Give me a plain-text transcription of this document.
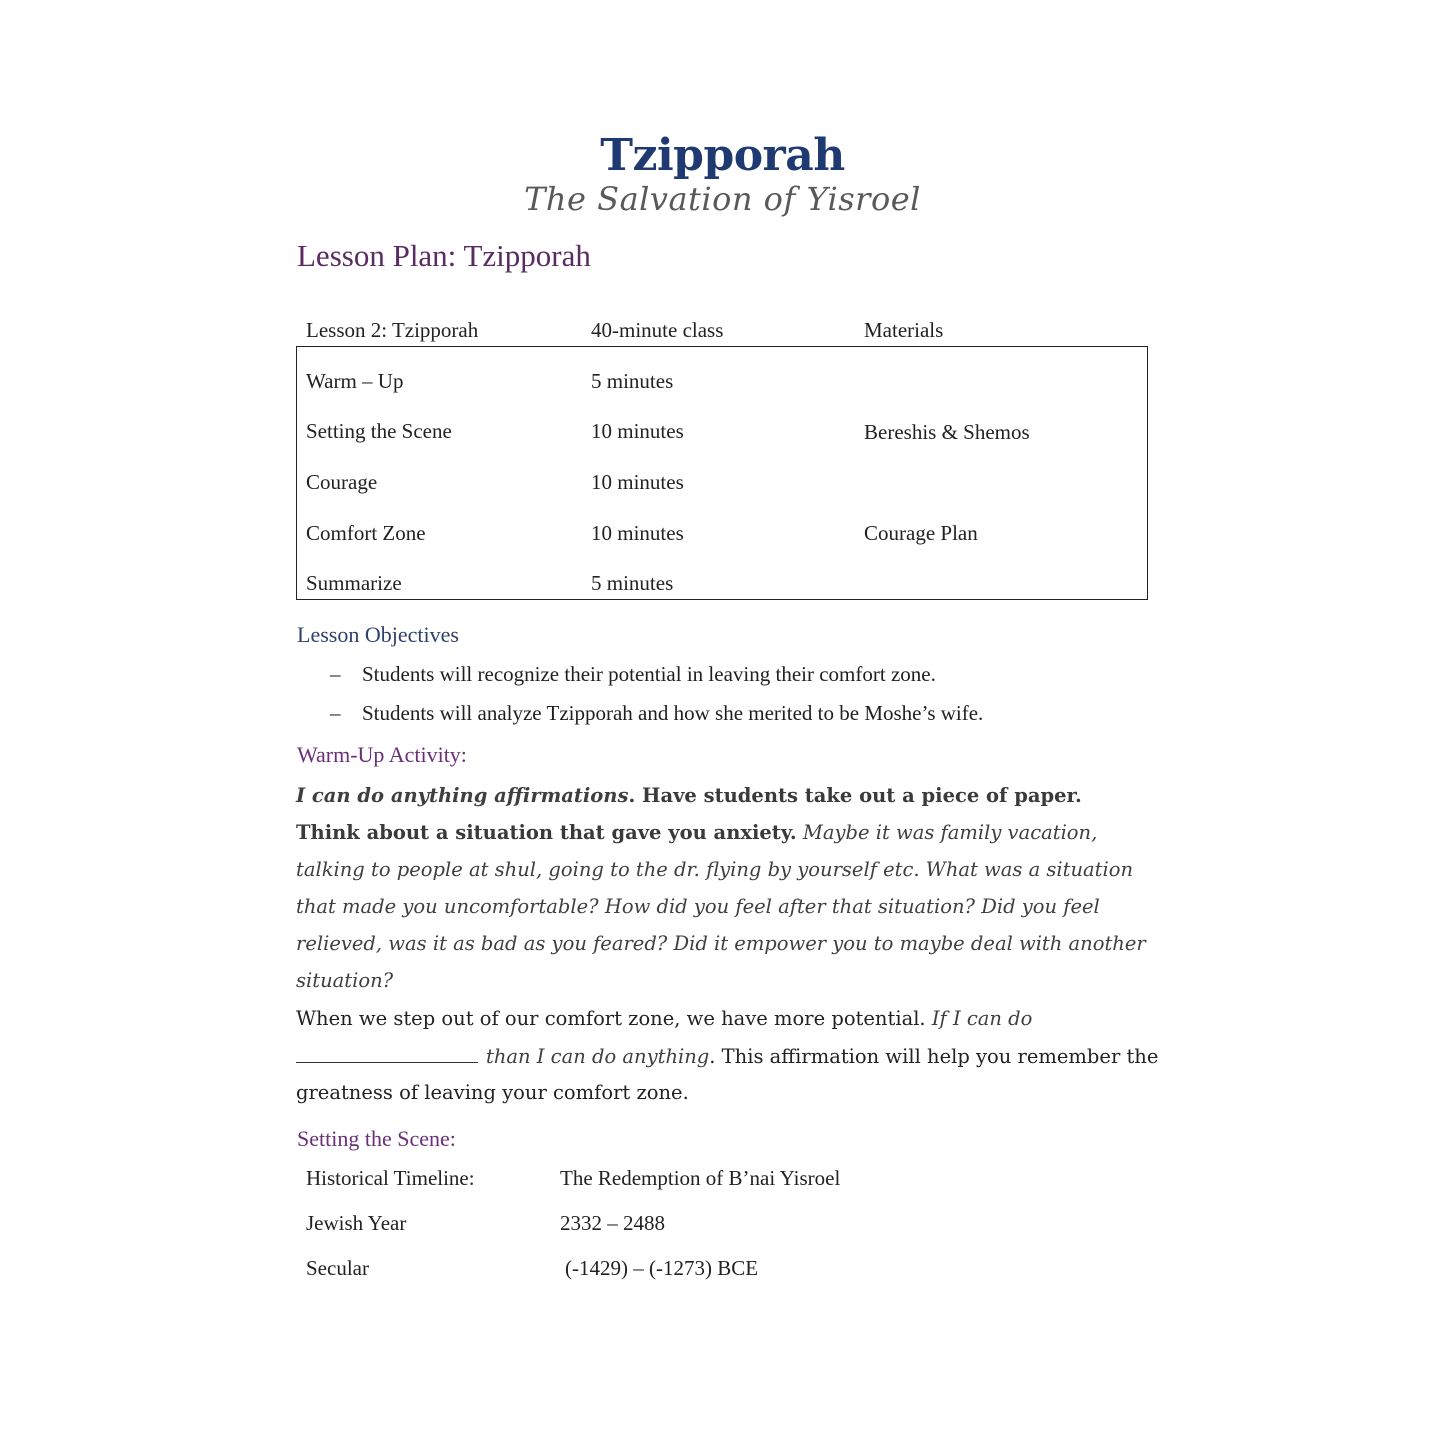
Tzipporah
The Salvation of Yisroel
Lesson Plan: Tzipporah
Lesson 2: Tzipporah	40-minute class	Materials
Warm – Up	5 minutes
Setting the Scene	10 minutes	Bereshis & Shemos
Courage	10 minutes
Comfort Zone	10 minutes	Courage Plan
Summarize	5 minutes
Lesson Objectives
– Students will recognize their potential in leaving their comfort zone.
– Students will analyze Tzipporah and how she merited to be Moshe’s wife.
Warm-Up Activity:
I can do anything affirmations. Have students take out a piece of paper.
Think about a situation that gave you anxiety. Maybe it was family vacation,
talking to people at shul, going to the dr. flying by yourself etc. What was a situation
that made you uncomfortable? How did you feel after that situation? Did you feel
relieved, was it as bad as you feared? Did it empower you to maybe deal with another
situation?
When we step out of our comfort zone, we have more potential. If I can do
than I can do anything. This affirmation will help you remember the
greatness of leaving your comfort zone.
Setting the Scene:
Historical Timeline:	The Redemption of B’nai Yisroel
Jewish Year	2332 – 2488
Secular	(-1429) – (-1273) BCE
